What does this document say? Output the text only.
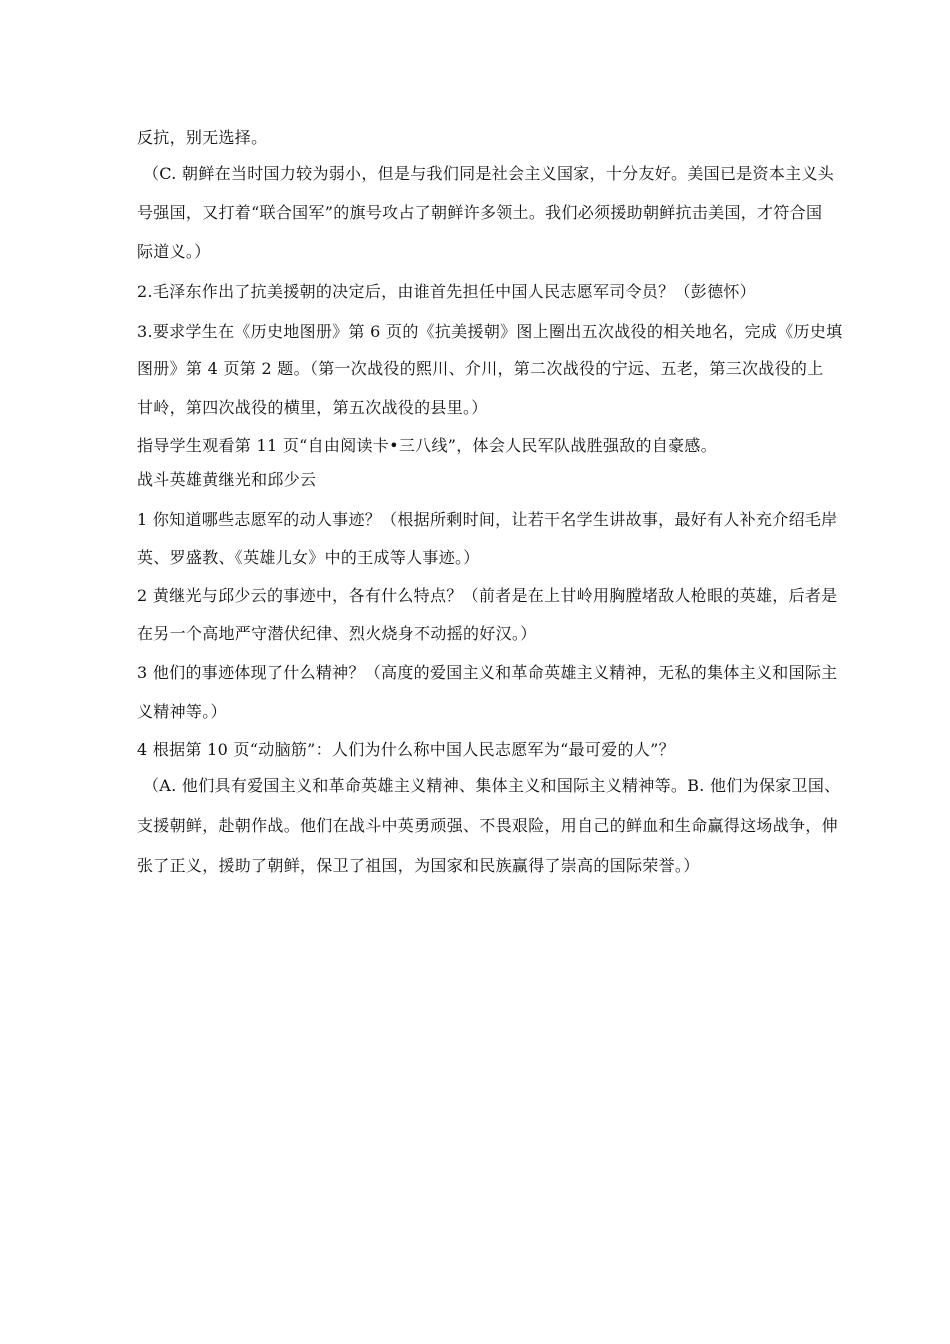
反抗，别无选择。
（C. 朝鲜在当时国力较为弱小，但是与我们同是社会主义国家，十分友好。美国已是资本主义头
号强国，又打着“联合国军”的旗号攻占了朝鲜许多领土。我们必须援助朝鲜抗击美国，才符合国
际道义。）
2.毛泽东作出了抗美援朝的决定后，由谁首先担任中国人民志愿军司令员？（彭德怀）
3.要求学生在《历史地图册》第 6 页的《抗美援朝》图上圈出五次战役的相关地名，完成《历史填
图册》第 4 页第 2 题。（第一次战役的熙川、介川，第二次战役的宁远、五老，第三次战役的上
甘岭，第四次战役的横里，第五次战役的县里。）
指导学生观看第 11 页“自由阅读卡•三八线”，体会人民军队战胜强敌的自豪感。
战斗英雄黄继光和邱少云
1 你知道哪些志愿军的动人事迹？（根据所剩时间，让若干名学生讲故事，最好有人补充介绍毛岸
英、罗盛教、《英雄儿女》中的王成等人事迹。）
2 黄继光与邱少云的事迹中，各有什么特点？（前者是在上甘岭用胸膛堵敌人枪眼的英雄，后者是
在另一个高地严守潜伏纪律、烈火烧身不动摇的好汉。）
3 他们的事迹体现了什么精神？（高度的爱国主义和革命英雄主义精神，无私的集体主义和国际主
义精神等。）
4 根据第 10 页“动脑筋”：人们为什么称中国人民志愿军为“最可爱的人”？
（A. 他们具有爱国主义和革命英雄主义精神、集体主义和国际主义精神等。B. 他们为保家卫国、
支援朝鲜，赴朝作战。他们在战斗中英勇顽强、不畏艰险，用自己的鲜血和生命赢得这场战争，伸
张了正义，援助了朝鲜，保卫了祖国，为国家和民族赢得了崇高的国际荣誉。）
